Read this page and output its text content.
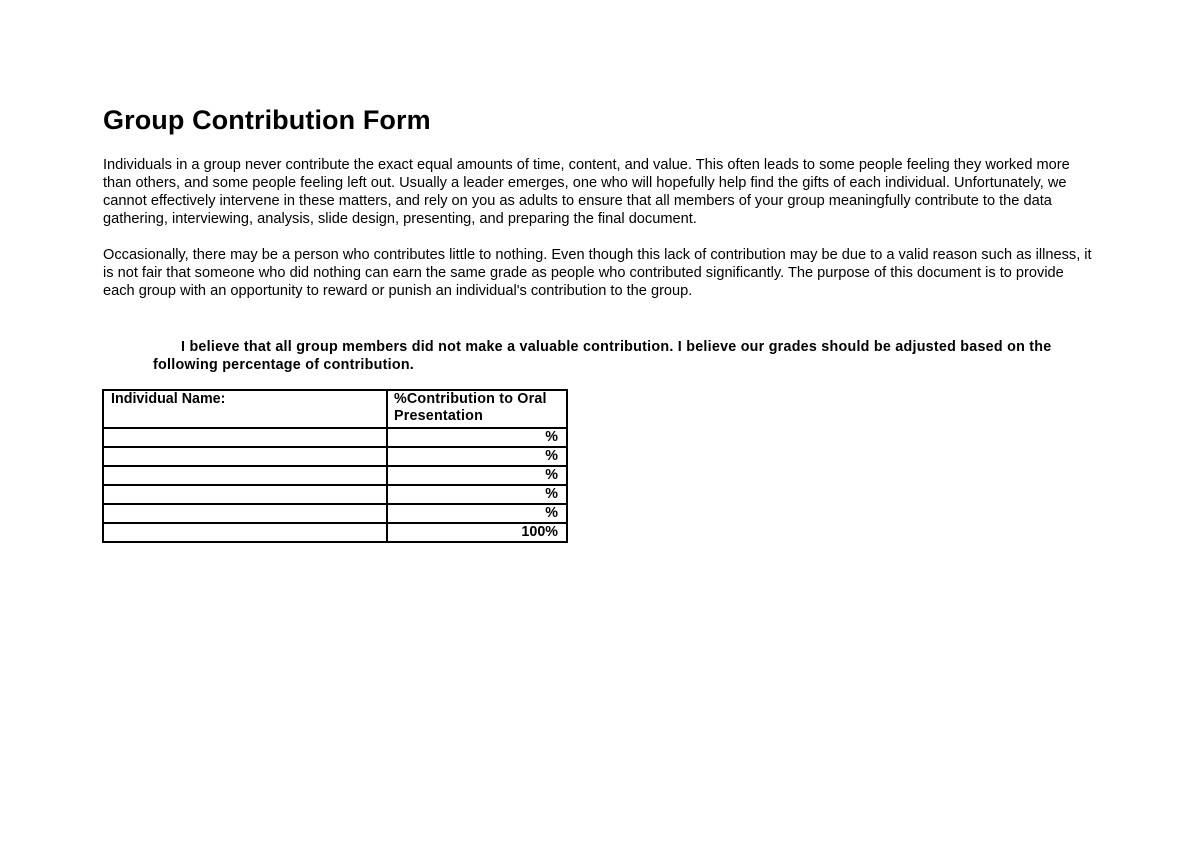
Group Contribution Form

Individuals in a group never contribute the exact equal amounts of time, content, and value. This often leads to some people feeling they worked more than others, and some people feeling left out. Usually a leader emerges, one who will hopefully help find the gifts of each individual. Unfortunately, we cannot effectively intervene in these matters, and rely on you as adults to ensure that all members of your group meaningfully contribute to the data gathering, interviewing, analysis, slide design, presenting, and preparing the final document.

Occasionally, there may be a person who contributes little to nothing. Even though this lack of contribution may be due to a valid reason such as illness, it is not fair that someone who did nothing can earn the same grade as people who contributed significantly. The purpose of this document is to provide each group with an opportunity to reward or punish an individual's contribution to the group.

I believe that all group members did not make a valuable contribution. I believe our grades should be adjusted based on the following percentage of contribution.

Individual Name:	%Contribution to Oral Presentation
	%
	%
	%
	%
	%
	100%
